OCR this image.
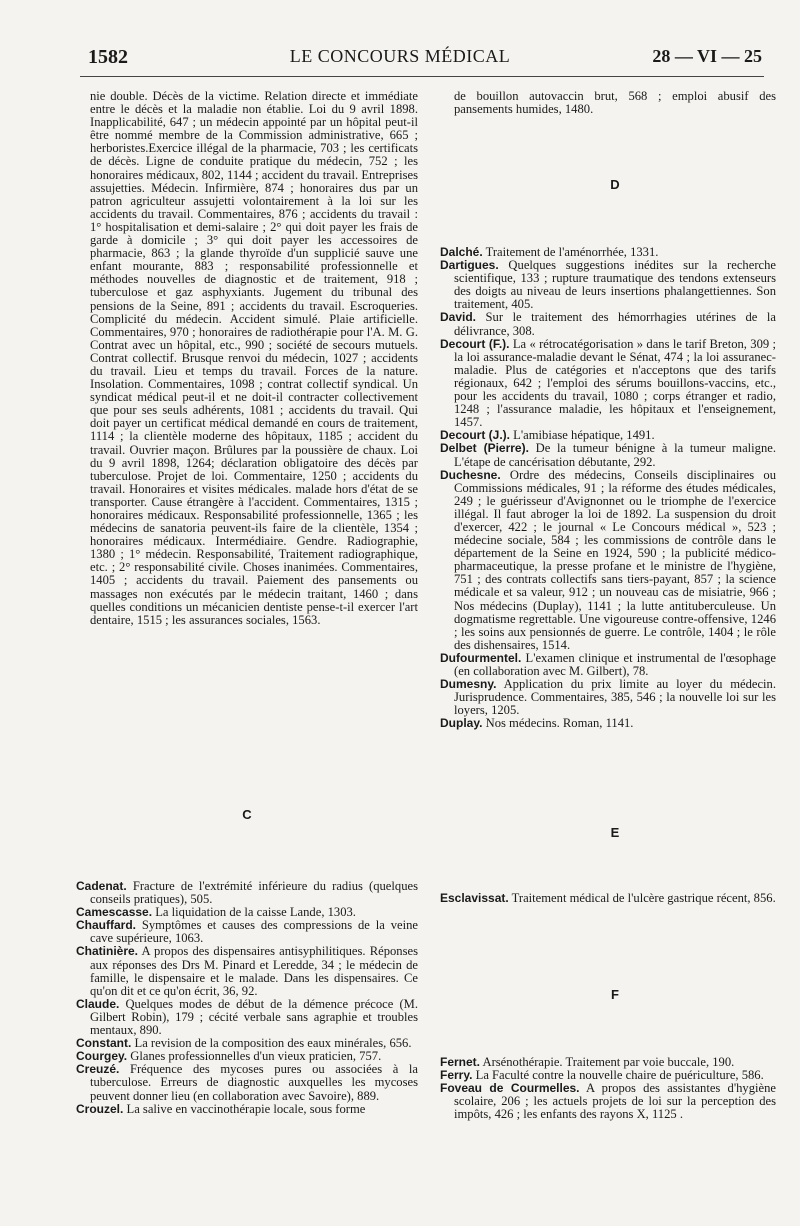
1582	LE CONCOURS MÉDICAL	28 — VI — 25

nie double. Décès de la victime. Relation directe et immédiate entre le décès et la maladie non établie. Loi du 9 avril 1898. Inapplicabilité, 647 ; un médecin appointé par un hôpital peut-il être nommé membre de la Commission administrative, 665 ; herboristes.Exercice illégal de la pharmacie, 703 ; les certificats de décès. Ligne de conduite pratique du médecin, 752 ; les honoraires médicaux, 802, 1144 ; accident du travail. Entreprises assujetties. Médecin. Infirmière, 874 ; honoraires dus par un patron agriculteur assujetti volontairement à la loi sur les accidents du travail. Commentaires, 876 ; accidents du travail : 1° hospitalisation et demi-salaire ; 2° qui doit payer les frais de garde à domicile ; 3° qui doit payer les accessoires de pharmacie, 863 ; la glande thyroïde d'un supplicié sauve une enfant mourante, 883 ; responsabilité professionnelle et méthodes nouvelles de diagnostic et de traitement, 918 ; tuberculose et gaz asphyxiants. Jugement du tribunal des pensions de la Seine, 891 ; accidents du travail. Escroqueries. Complicité du médecin. Accident simulé. Plaie artificielle. Commentaires, 970 ; honoraires de radiothérapie pour l'A. M. G. Contrat avec un hôpital, etc., 990 ; société de secours mutuels. Contrat collectif. Brusque renvoi du médecin, 1027 ; accidents du travail. Lieu et temps du travail. Forces de la nature. Insolation. Commentaires, 1098 ; contrat collectif syndical. Un syndicat médical peut-il et ne doit-il contracter collectivement que pour ses seuls adhérents, 1081 ; accidents du travail. Qui doit payer un certificat médical demandé en cours de traitement, 1114 ; la clientèle moderne des hôpitaux, 1185 ; accident du travail. Ouvrier maçon. Brûlures par la poussière de chaux. Loi du 9 avril 1898, 1264; déclaration obligatoire des décès par tuberculose. Projet de loi. Commentaire, 1250 ; accidents du travail. Honoraires et visites médicales. malade hors d'état de se transporter. Cause étrangère à l'accident. Commentaires, 1315 ; honoraires médicaux. Responsabilité professionnelle, 1365 ; les médecins de sanatoria peuvent-ils faire de la clientèle, 1354 ; honoraires médicaux. Intermédiaire. Gendre. Radiographie, 1380 ; 1° médecin. Responsabilité, Traitement radiographique, etc. ; 2° responsabilité civile. Choses inanimées. Commentaires, 1405 ; accidents du travail. Paiement des pansements ou massages non exécutés par le médecin traitant, 1460 ; dans quelles conditions un mécanicien dentiste pense-t-il exercer l'art dentaire, 1515 ; les assurances sociales, 1563.

C

Cadenat. Fracture de l'extrémité inférieure du radius (quelques conseils pratiques), 505.

Camescasse. La liquidation de la caisse Lande, 1303.

Chauffard. Symptômes et causes des compressions de la veine cave supérieure, 1063.

Chatinière. A propos des dispensaires antisyphilitiques. Réponses aux réponses des Drs M. Pinard et Leredde, 34 ; le médecin de famille, le dispensaire et le malade. Dans les dispensaires. Ce qu'on dit et ce qu'on écrit, 36, 92.

Claude. Quelques modes de début de la démence précoce (M. Gilbert Robin), 179 ; cécité verbale sans agraphie et troubles mentaux, 890.

Constant. La revision de la composition des eaux minérales, 656.

Courgey. Glanes professionnelles d'un vieux praticien, 757.

Creuzé. Fréquence des mycoses pures ou associées à la tuberculose. Erreurs de diagnostic auxquelles les mycoses peuvent donner lieu (en collaboration avec Savoire), 889.

Crouzel. La salive en vaccinothérapie locale, sous forme

de bouillon autovaccin brut, 568 ; emploi abusif des pansements humides, 1480.

D

Dalché. Traitement de l'aménorrhée, 1331.

Dartigues. Quelques suggestions inédites sur la recherche scientifique, 133 ; rupture traumatique des tendons extenseurs des doigts au niveau de leurs insertions phalangettiennes. Son traitement, 405.

David. Sur le traitement des hémorrhagies utérines de la délivrance, 308.

Decourt (F.). La « rétrocatégorisation » dans le tarif Breton, 309 ; la loi assurance-maladie devant le Sénat, 474 ; la loi assuranec-maladie. Plus de catégories et n'acceptons que des tarifs régionaux, 642 ; l'emploi des sérums bouillons-vaccins, etc., pour les accidents du travail, 1080 ; corps étranger et radio, 1248 ; l'assurance maladie, les hôpitaux et l'enseignement, 1457.

Decourt (J.). L'amibiase hépatique, 1491.

Delbet (Pierre). De la tumeur bénigne à la tumeur maligne. L'étape de cancérisation débutante, 292.

Duchesne. Ordre des médecins, Conseils disciplinaires ou Commissions médicales, 91 ; la réforme des études médicales, 249 ; le guérisseur d'Avignonnet ou le triomphe de l'exercice illégal. Il faut abroger la loi de 1892. La suspension du droit d'exercer, 422 ; le journal « Le Concours médical », 523 ; médecine sociale, 584 ; les commissions de contrôle dans le département de la Seine en 1924, 590 ; la publicité médico-pharmaceutique, la presse profane et le ministre de l'hygiène, 751 ; des contrats collectifs sans tiers-payant, 857 ; la science médicale et sa valeur, 912 ; un nouveau cas de misiatrie, 966 ; Nos médecins (Duplay), 1141 ; la lutte antituberculeuse. Un dogmatisme regrettable. Une vigoureuse contre-offensive, 1246 ; les soins aux pensionnés de guerre. Le contrôle, 1404 ; le rôle des dishensaires, 1514.

Dufourmentel. L'examen clinique et instrumental de l'œsophage (en collaboration avec M. Gilbert), 78.

Dumesny. Application du prix limite au loyer du médecin. Jurisprudence. Commentaires, 385, 546 ; la nouvelle loi sur les loyers, 1205.

Duplay. Nos médecins. Roman, 1141.

E

Esclavissat. Traitement médical de l'ulcère gastrique récent, 856.

F

Fernet. Arsénothérapie. Traitement par voie buccale, 190.

Ferry. La Faculté contre la nouvelle chaire de puériculture, 586.

Foveau de Courmelles. A propos des assistantes d'hygiène scolaire, 206 ; les actuels projets de loi sur la perception des impôts, 426 ; les enfants des rayons X, 1125 .
